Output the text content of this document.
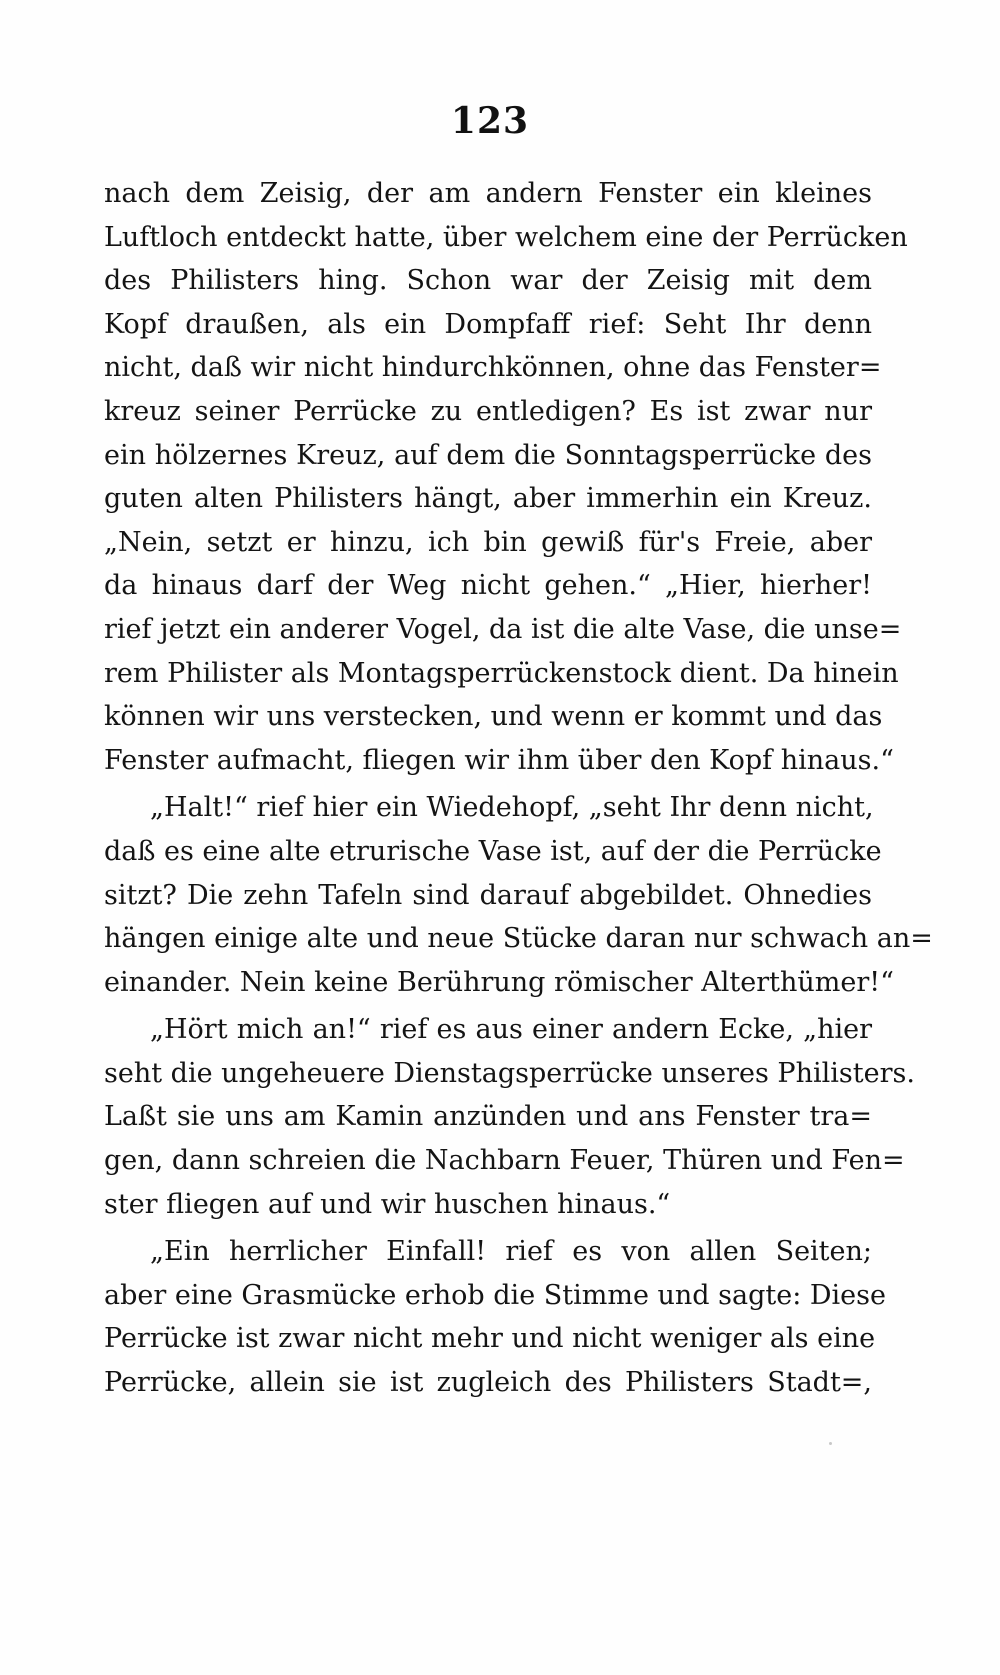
123
nach dem Zeisig, der am andern Fenster ein kleines
Luftloch entdeckt hatte, über welchem eine der Perrücken
des Philisters hing. Schon war der Zeisig mit dem
Kopf draußen, als ein Dompfaff rief: Seht Ihr denn
nicht, daß wir nicht hindurchkönnen, ohne das Fenster=
kreuz seiner Perrücke zu entledigen? Es ist zwar nur
ein hölzernes Kreuz, auf dem die Sonntagsperrücke des
guten alten Philisters hängt, aber immerhin ein Kreuz.
„Nein, setzt er hinzu, ich bin gewiß für's Freie, aber
da hinaus darf der Weg nicht gehen.“ „Hier, hierher!
rief jetzt ein anderer Vogel, da ist die alte Vase, die unse=
rem Philister als Montagsperrückenstock dient. Da hinein
können wir uns verstecken, und wenn er kommt und das
Fenster aufmacht, fliegen wir ihm über den Kopf hinaus.“
„Halt!“ rief hier ein Wiedehopf, „seht Ihr denn nicht,
daß es eine alte etrurische Vase ist, auf der die Perrücke
sitzt? Die zehn Tafeln sind darauf abgebildet. Ohnedies
hängen einige alte und neue Stücke daran nur schwach an=
einander. Nein keine Berührung römischer Alterthümer!“
„Hört mich an!“ rief es aus einer andern Ecke, „hier
seht die ungeheuere Dienstagsperrücke unseres Philisters.
Laßt sie uns am Kamin anzünden und ans Fenster tra=
gen, dann schreien die Nachbarn Feuer, Thüren und Fen=
ster fliegen auf und wir huschen hinaus.“
„Ein herrlicher Einfall! rief es von allen Seiten;
aber eine Grasmücke erhob die Stimme und sagte: Diese
Perrücke ist zwar nicht mehr und nicht weniger als eine
Perrücke, allein sie ist zugleich des Philisters Stadt=,
